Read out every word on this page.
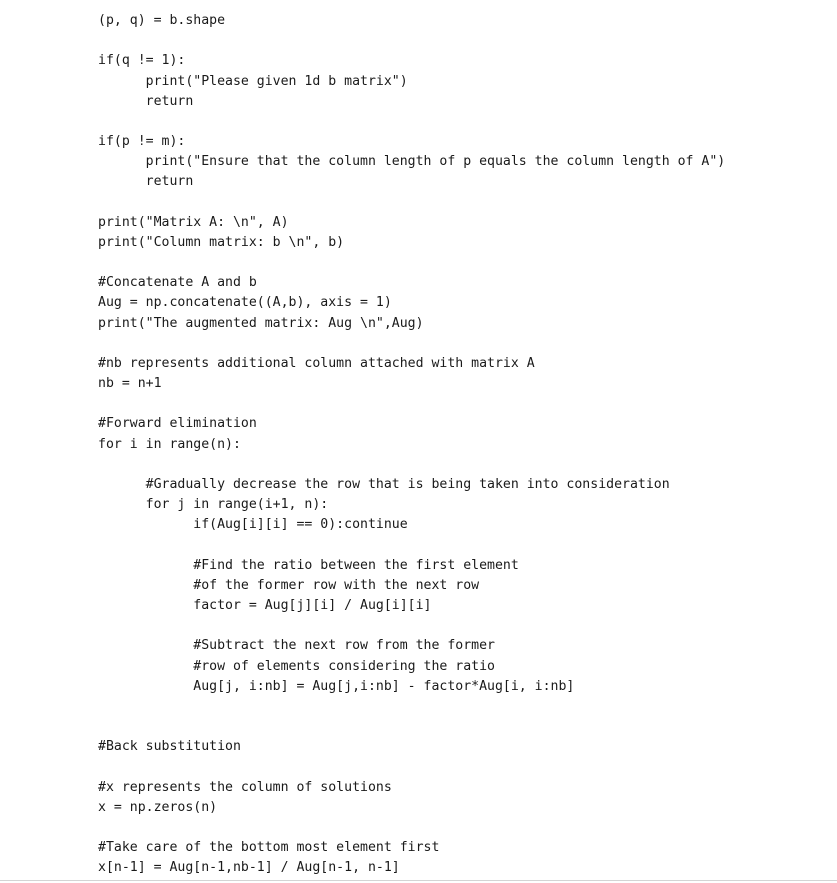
(p, q) = b.shape
if(q != 1):
print("Please given 1d b matrix")
return
if(p != m):
print("Ensure that the column length of p equals the column length of A")
return
print("Matrix A: \n", A)
print("Column matrix: b \n", b)
#Concatenate A and b
Aug = np.concatenate((A,b), axis = 1)
print("The augmented matrix: Aug \n",Aug)
#nb represents additional column attached with matrix A
nb = n+1
#Forward elimination
for i in range(n):
#Gradually decrease the row that is being taken into consideration
for j in range(i+1, n):
if(Aug[i][i] == 0):continue
#Find the ratio between the first element
#of the former row with the next row
factor = Aug[j][i] / Aug[i][i]
#Subtract the next row from the former
#row of elements considering the ratio
Aug[j, i:nb] = Aug[j,i:nb] - factor*Aug[i, i:nb]
#Back substitution
#x represents the column of solutions
x = np.zeros(n)
#Take care of the bottom most element first
x[n-1] = Aug[n-1,nb-1] / Aug[n-1, n-1]
